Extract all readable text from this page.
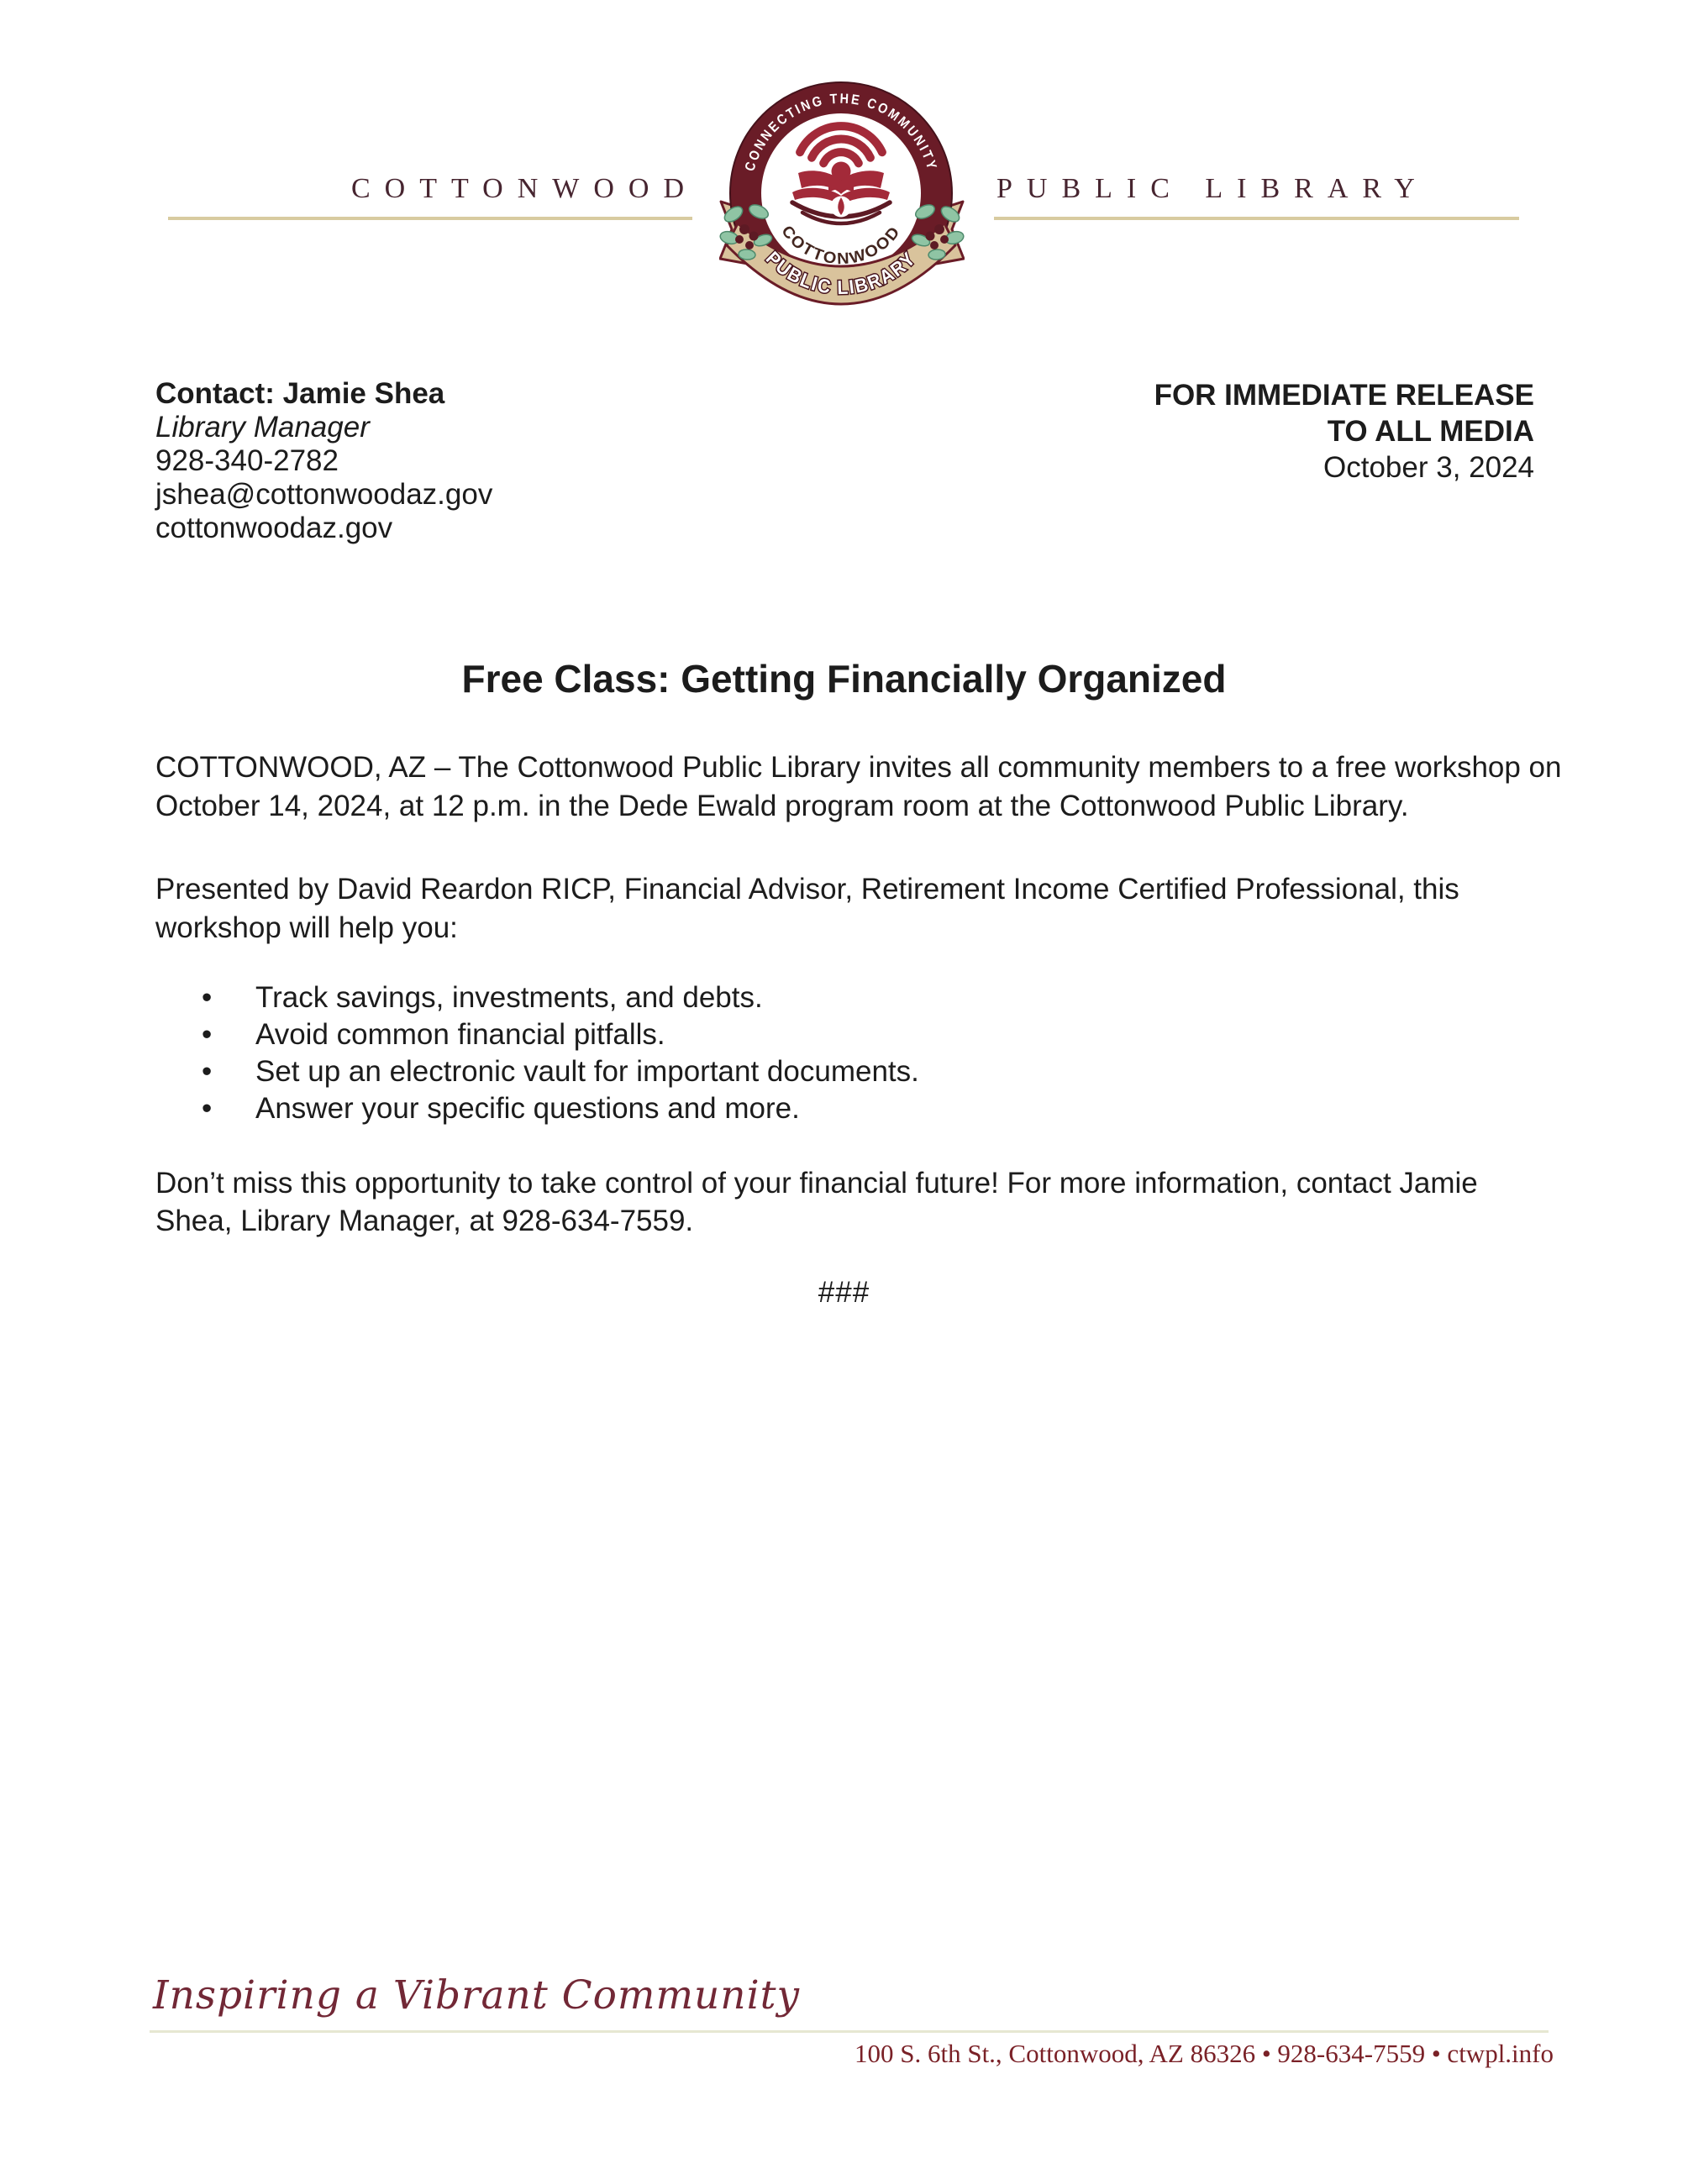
COTTONWOOD	PUBLIC LIBRARY
CONNECTING THE COMMUNITY
COTTONWOOD
PUBLIC LIBRARY
Contact: Jamie Shea
Library Manager
928-340-2782
jshea@cottonwoodaz.gov
cottonwoodaz.gov
FOR IMMEDIATE RELEASE
TO ALL MEDIA
October 3, 2024
Free Class: Getting Financially Organized
COTTONWOOD, AZ – The Cottonwood Public Library invites all community members to a free workshop on
October 14, 2024, at 12 p.m. in the Dede Ewald program room at the Cottonwood Public Library.
Presented by David Reardon RICP, Financial Advisor, Retirement Income Certified Professional, this
workshop will help you:
•	Track savings, investments, and debts.
•	Avoid common financial pitfalls.
•	Set up an electronic vault for important documents.
•	Answer your specific questions and more.
Don’t miss this opportunity to take control of your financial future! For more information, contact Jamie
Shea, Library Manager, at 928-634-7559.
###
Inspiring a Vibrant Community
100 S. 6th St., Cottonwood, AZ 86326 • 928-634-7559 • ctwpl.info
